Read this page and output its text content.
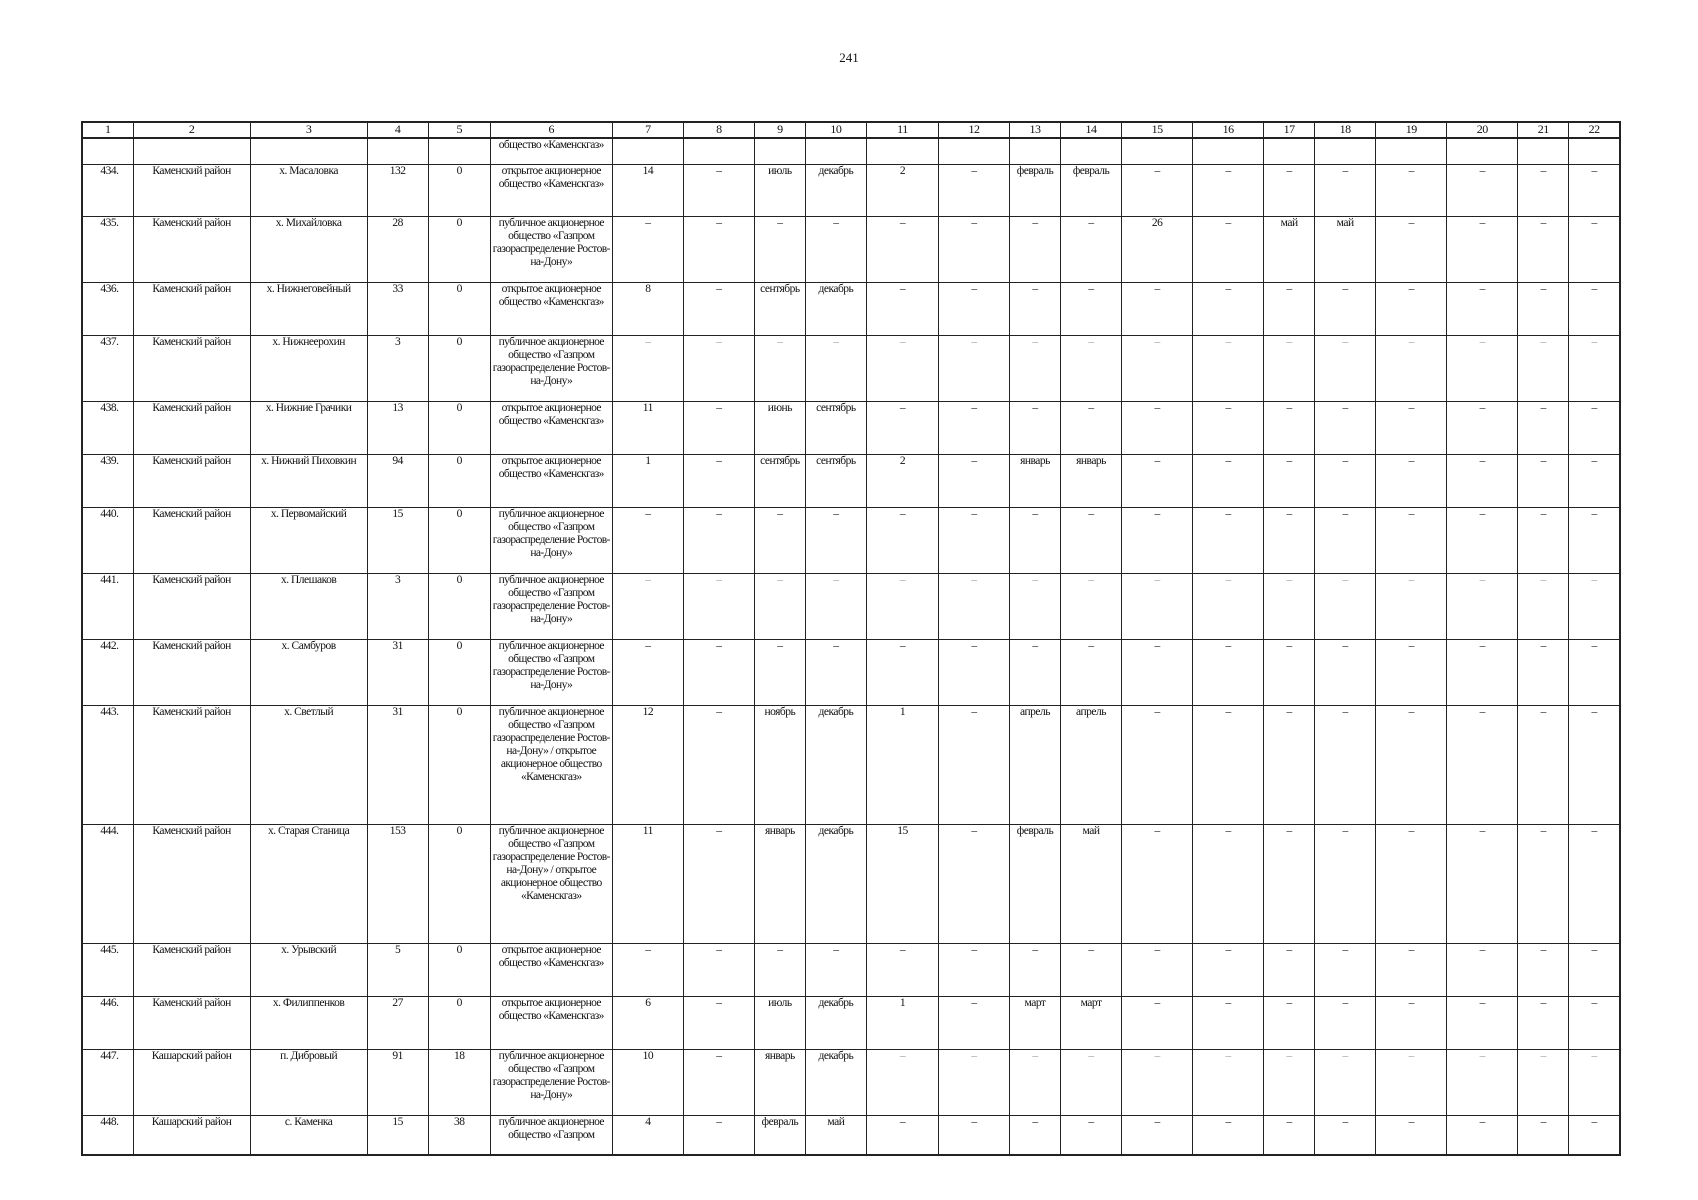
241
1	2	3	4	5	6	7	8	9	10	11	12	13	14	15	16	17	18	19	20	21	22
					общество «Каменскгаз»																
434.	Каменский район	х. Масаловка	132	0	открытое акционерное общество «Каменскгаз»	14	–	июль	декабрь	2	–	февраль	февраль	–	–	–	–	–	–	–	–
435.	Каменский район	х. Михайловка	28	0	публичное акционерное общество «Газпром газораспределение Ростов-на-Дону»	–	–	–	–	–	–	–	–	26	–	май	май	–	–	–	–
436.	Каменский район	х. Нижнеговейный	33	0	открытое акционерное общество «Каменскгаз»	8	–	сентябрь	декабрь	–	–	–	–	–	–	–	–	–	–	–	–
437.	Каменский район	х. Нижнеерохин	3	0	публичное акционерное общество «Газпром газораспределение Ростов-на-Дону»	–	–	–	–	–	–	–	–	–	–	–	–	–	–	–	–
438.	Каменский район	х. Нижние Грачики	13	0	открытое акционерное общество «Каменскгаз»	11	–	июнь	сентябрь	–	–	–	–	–	–	–	–	–	–	–	–
439.	Каменский район	х. Нижний Пиховкин	94	0	открытое акционерное общество «Каменскгаз»	1	–	сентябрь	сентябрь	2	–	январь	январь	–	–	–	–	–	–	–	–
440.	Каменский район	х. Первомайский	15	0	публичное акционерное общество «Газпром газораспределение Ростов-на-Дону»	–	–	–	–	–	–	–	–	–	–	–	–	–	–	–	–
441.	Каменский район	х. Плешаков	3	0	публичное акционерное общество «Газпром газораспределение Ростов-на-Дону»	–	–	–	–	–	–	–	–	–	–	–	–	–	–	–	–
442.	Каменский район	х. Самбуров	31	0	публичное акционерное общество «Газпром газораспределение Ростов-на-Дону»	–	–	–	–	–	–	–	–	–	–	–	–	–	–	–	–
443.	Каменский район	х. Светлый	31	0	публичное акционерное общество «Газпром газораспределение Ростов-на-Дону» / открытое акционерное общество «Каменскгаз»	12	–	ноябрь	декабрь	1	–	апрель	апрель	–	–	–	–	–	–	–	–
444.	Каменский район	х. Старая Станица	153	0	публичное акционерное общество «Газпром газораспределение Ростов-на-Дону» / открытое акционерное общество «Каменскгаз»	11	–	январь	декабрь	15	–	февраль	май	–	–	–	–	–	–	–	–
445.	Каменский район	х. Урывский	5	0	открытое акционерное общество «Каменскгаз»	–	–	–	–	–	–	–	–	–	–	–	–	–	–	–	–
446.	Каменский район	х. Филиппенков	27	0	открытое акционерное общество «Каменскгаз»	6	–	июль	декабрь	1	–	март	март	–	–	–	–	–	–	–	–
447.	Кашарский район	п. Дибровый	91	18	публичное акционерное общество «Газпром газораспределение Ростов-на-Дону»	10	–	январь	декабрь	–	–	–	–	–	–	–	–	–	–	–	–
448.	Кашарский район	с. Каменка	15	38	публичное акционерное общество «Газпром	4	–	февраль	май	–	–	–	–	–	–	–	–	–	–	–	–
